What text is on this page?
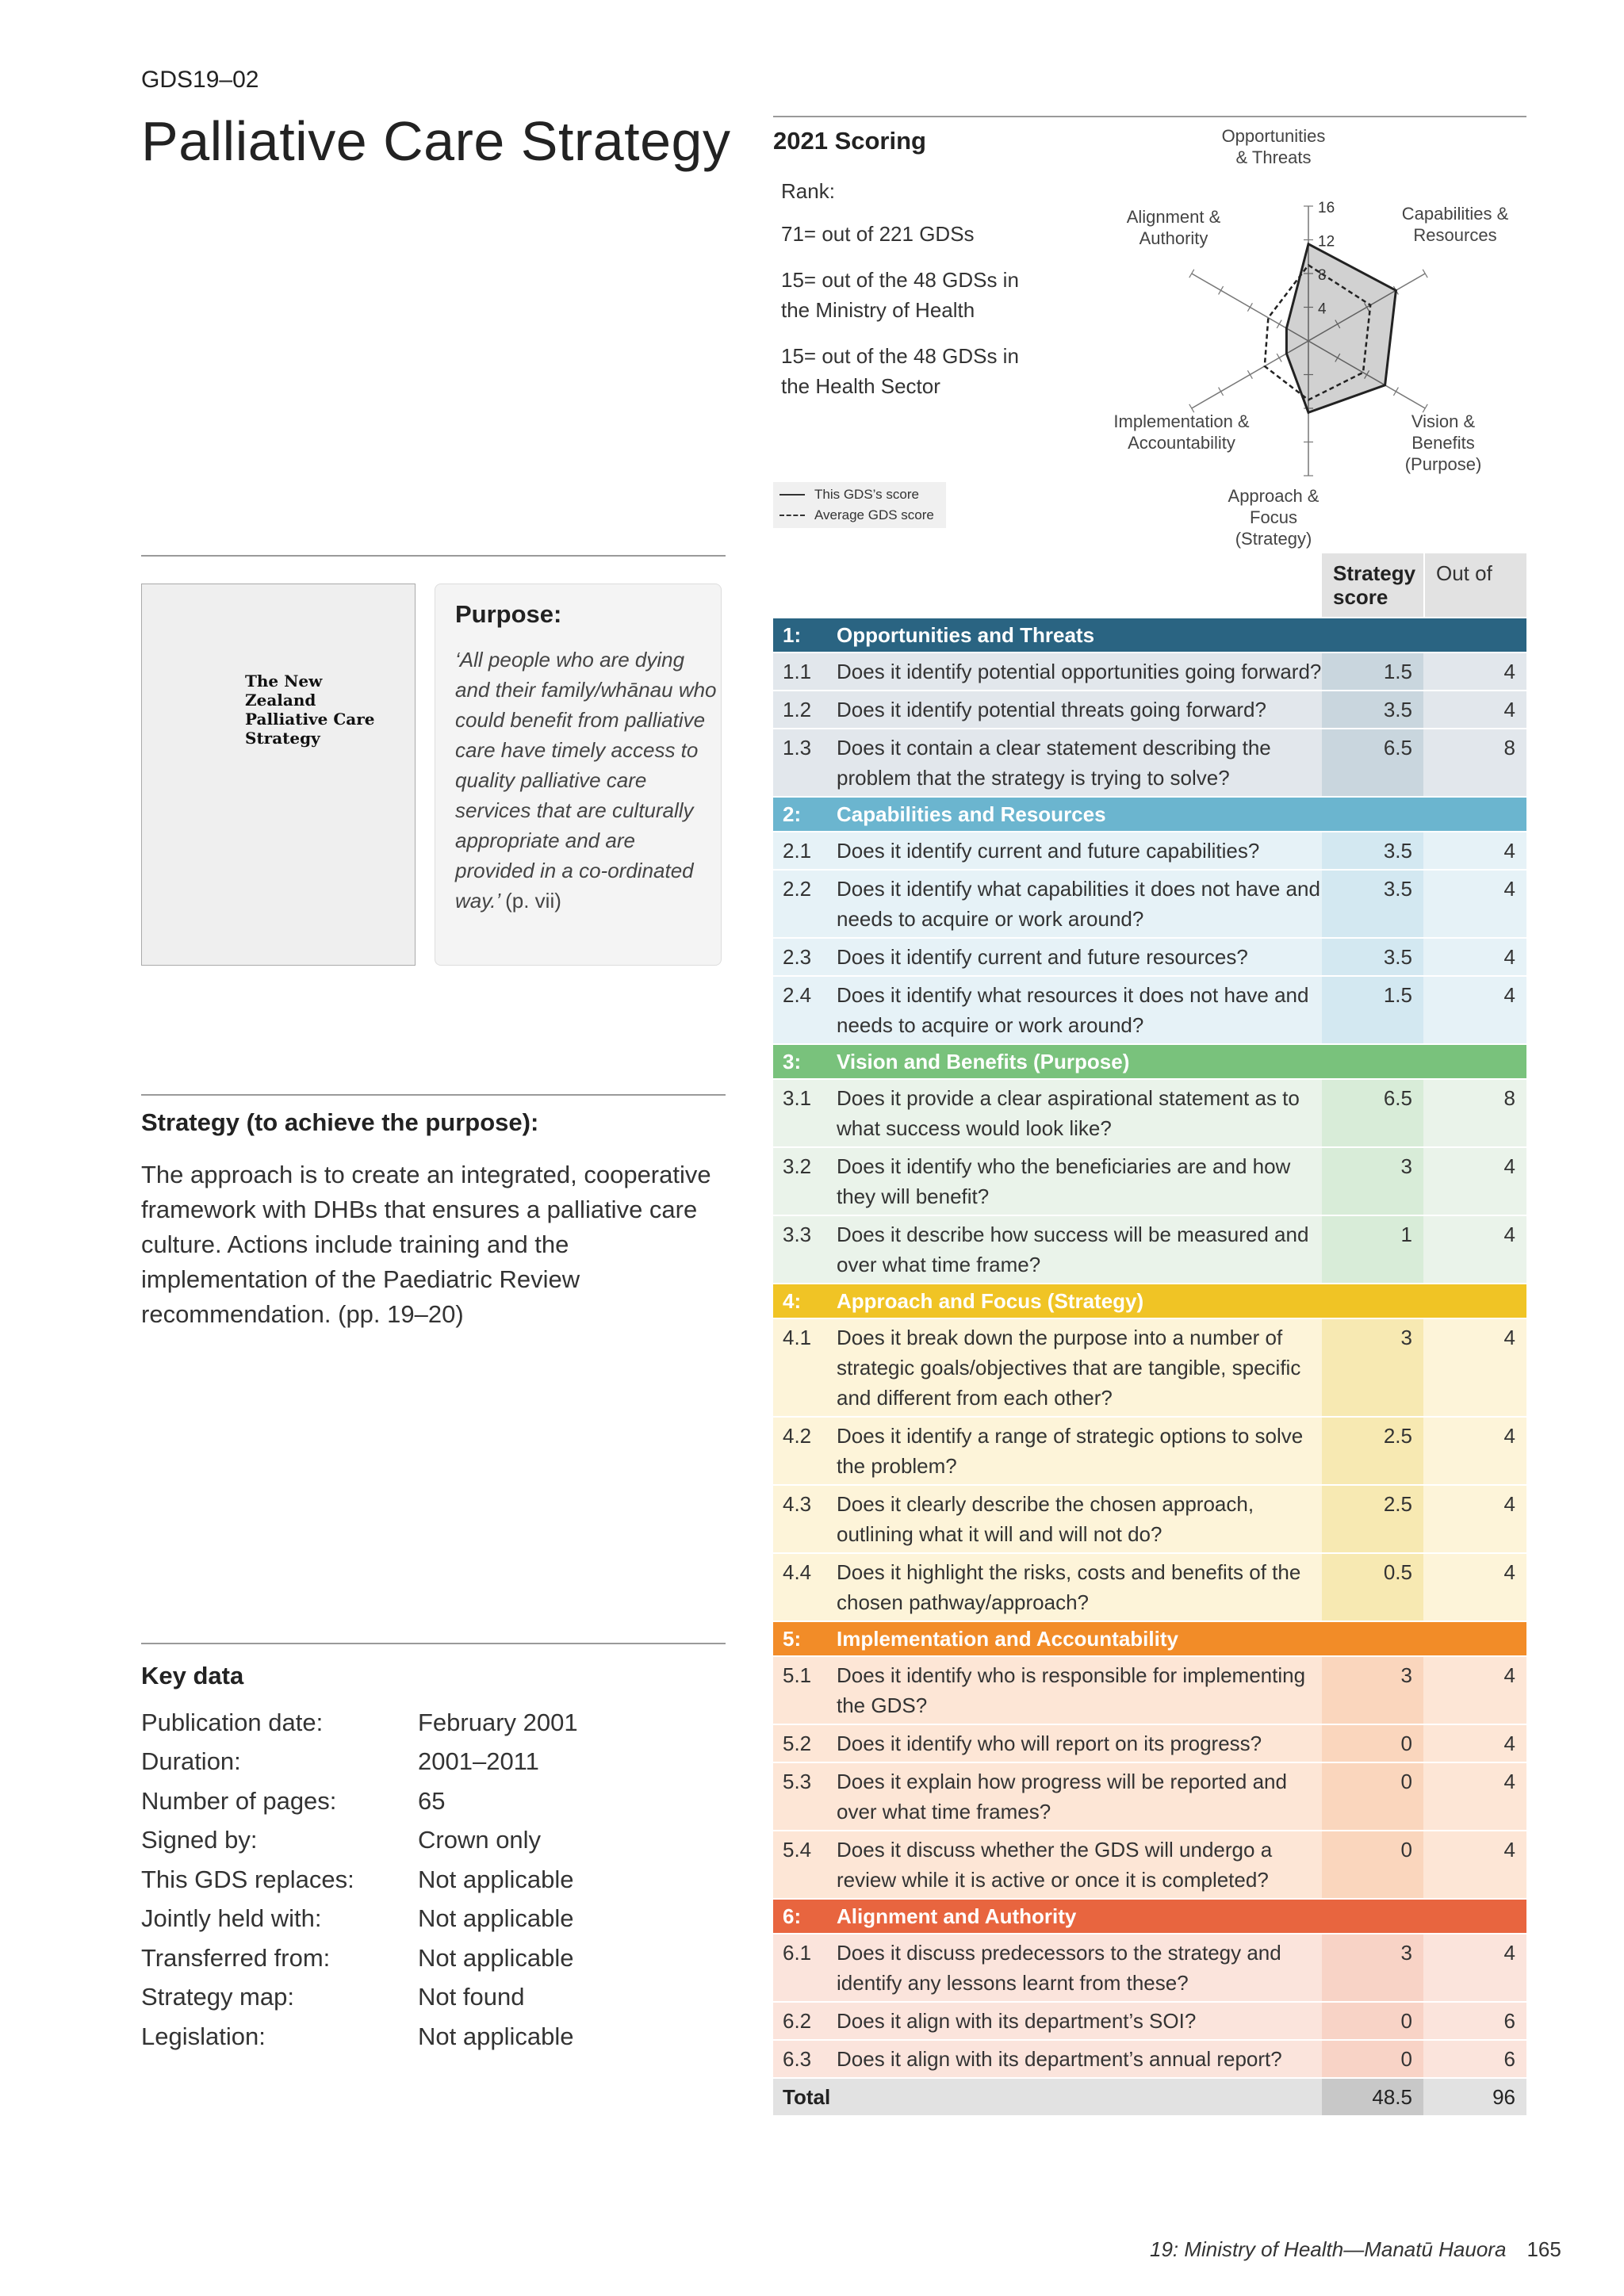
GDS19–02
Palliative Care Strategy 2021 Scoring
Rank:
71= out of 221 GDSs
15= out of the 48 GDSs in the Ministry of Health
15= out of the 48 GDSs in the Health Sector
16
12
8
4
Opportunities & Threats
Capabilities & Resources
Vision & Benefits (Purpose)
Approach & Focus (Strategy)
Implementation & Accountability
Alignment & Authority
This GDS’s score
Average GDS score
The New Zealand Palliative Care Strategy
Purpose:
‘All people who are dying and their family/whānau who could benefit from palliative care have timely access to quality palliative care services that are culturally appropriate and are provided in a co-ordinated way.’ (p. vii)
Strategy (to achieve the purpose):
The approach is to create an integrated, cooperative framework with DHBs that ensures a palliative care culture. Actions include training and the implementation of the Paediatric Review recommendation. (pp. 19–20)
Key data
Publication date:	February 2001
Duration:	2001–2011
Number of pages:	65
Signed by:	Crown only
This GDS replaces:	Not applicable
Jointly held with:	Not applicable
Transferred from:	Not applicable
Strategy map:	Not found
Legislation:	Not applicable
Strategy score
Out of
1:	Opportunities and Threats
1.1	Does it identify potential opportunities going forward?	1.5	4
1.2	Does it identify potential threats going forward?	3.5	4
1.3	Does it contain a clear statement describing the problem that the strategy is trying to solve?
6.5	8
2:	Capabilities and Resources
2.1	Does it identify current and future capabilities?	3.5	4
2.2	Does it identify what capabilities it does not have and needs to acquire or work around?
3.5	4
2.3	Does it identify current and future resources?	3.5	4
2.4	Does it identify what resources it does not have and needs to acquire or work around?
1.5	4
3:	Vision and Benefits (Purpose)
3.1	Does it provide a clear aspirational statement as to what success would look like?
6.5	8
3.2	Does it identify who the beneficiaries are and how they will benefit?
3	4
3.3	Does it describe how success will be measured and over what time frame?
1	4
4:	Approach and Focus (Strategy)
4.1	Does it break down the purpose into a number of strategic goals/objectives that are tangible, specific and different from each other?
3	4
4.2	Does it identify a range of strategic options to solve the problem?
2.5	4
4.3	Does it clearly describe the chosen approach, outlining what it will and will not do?
2.5	4
4.4	Does it highlight the risks, costs and benefits of the chosen pathway/approach?
0.5	4
5:	Implementation and Accountability
5.1	Does it identify who is responsible for implementing the GDS?
3	4
5.2	Does it identify who will report on its progress?	0	4
5.3	Does it explain how progress will be reported and over what time frames?
0	4
5.4	Does it discuss whether the GDS will undergo a review while it is active or once it is completed?
0	4
6:	Alignment and Authority
6.1	Does it discuss predecessors to the strategy and identify any lessons learnt from these?
3	4
6.2	Does it align with its department’s SOI?	0	6
6.3	Does it align with its department’s annual report?	0	6
Total	48.5	96
19: Ministry of Health—Manatū Hauora 165
